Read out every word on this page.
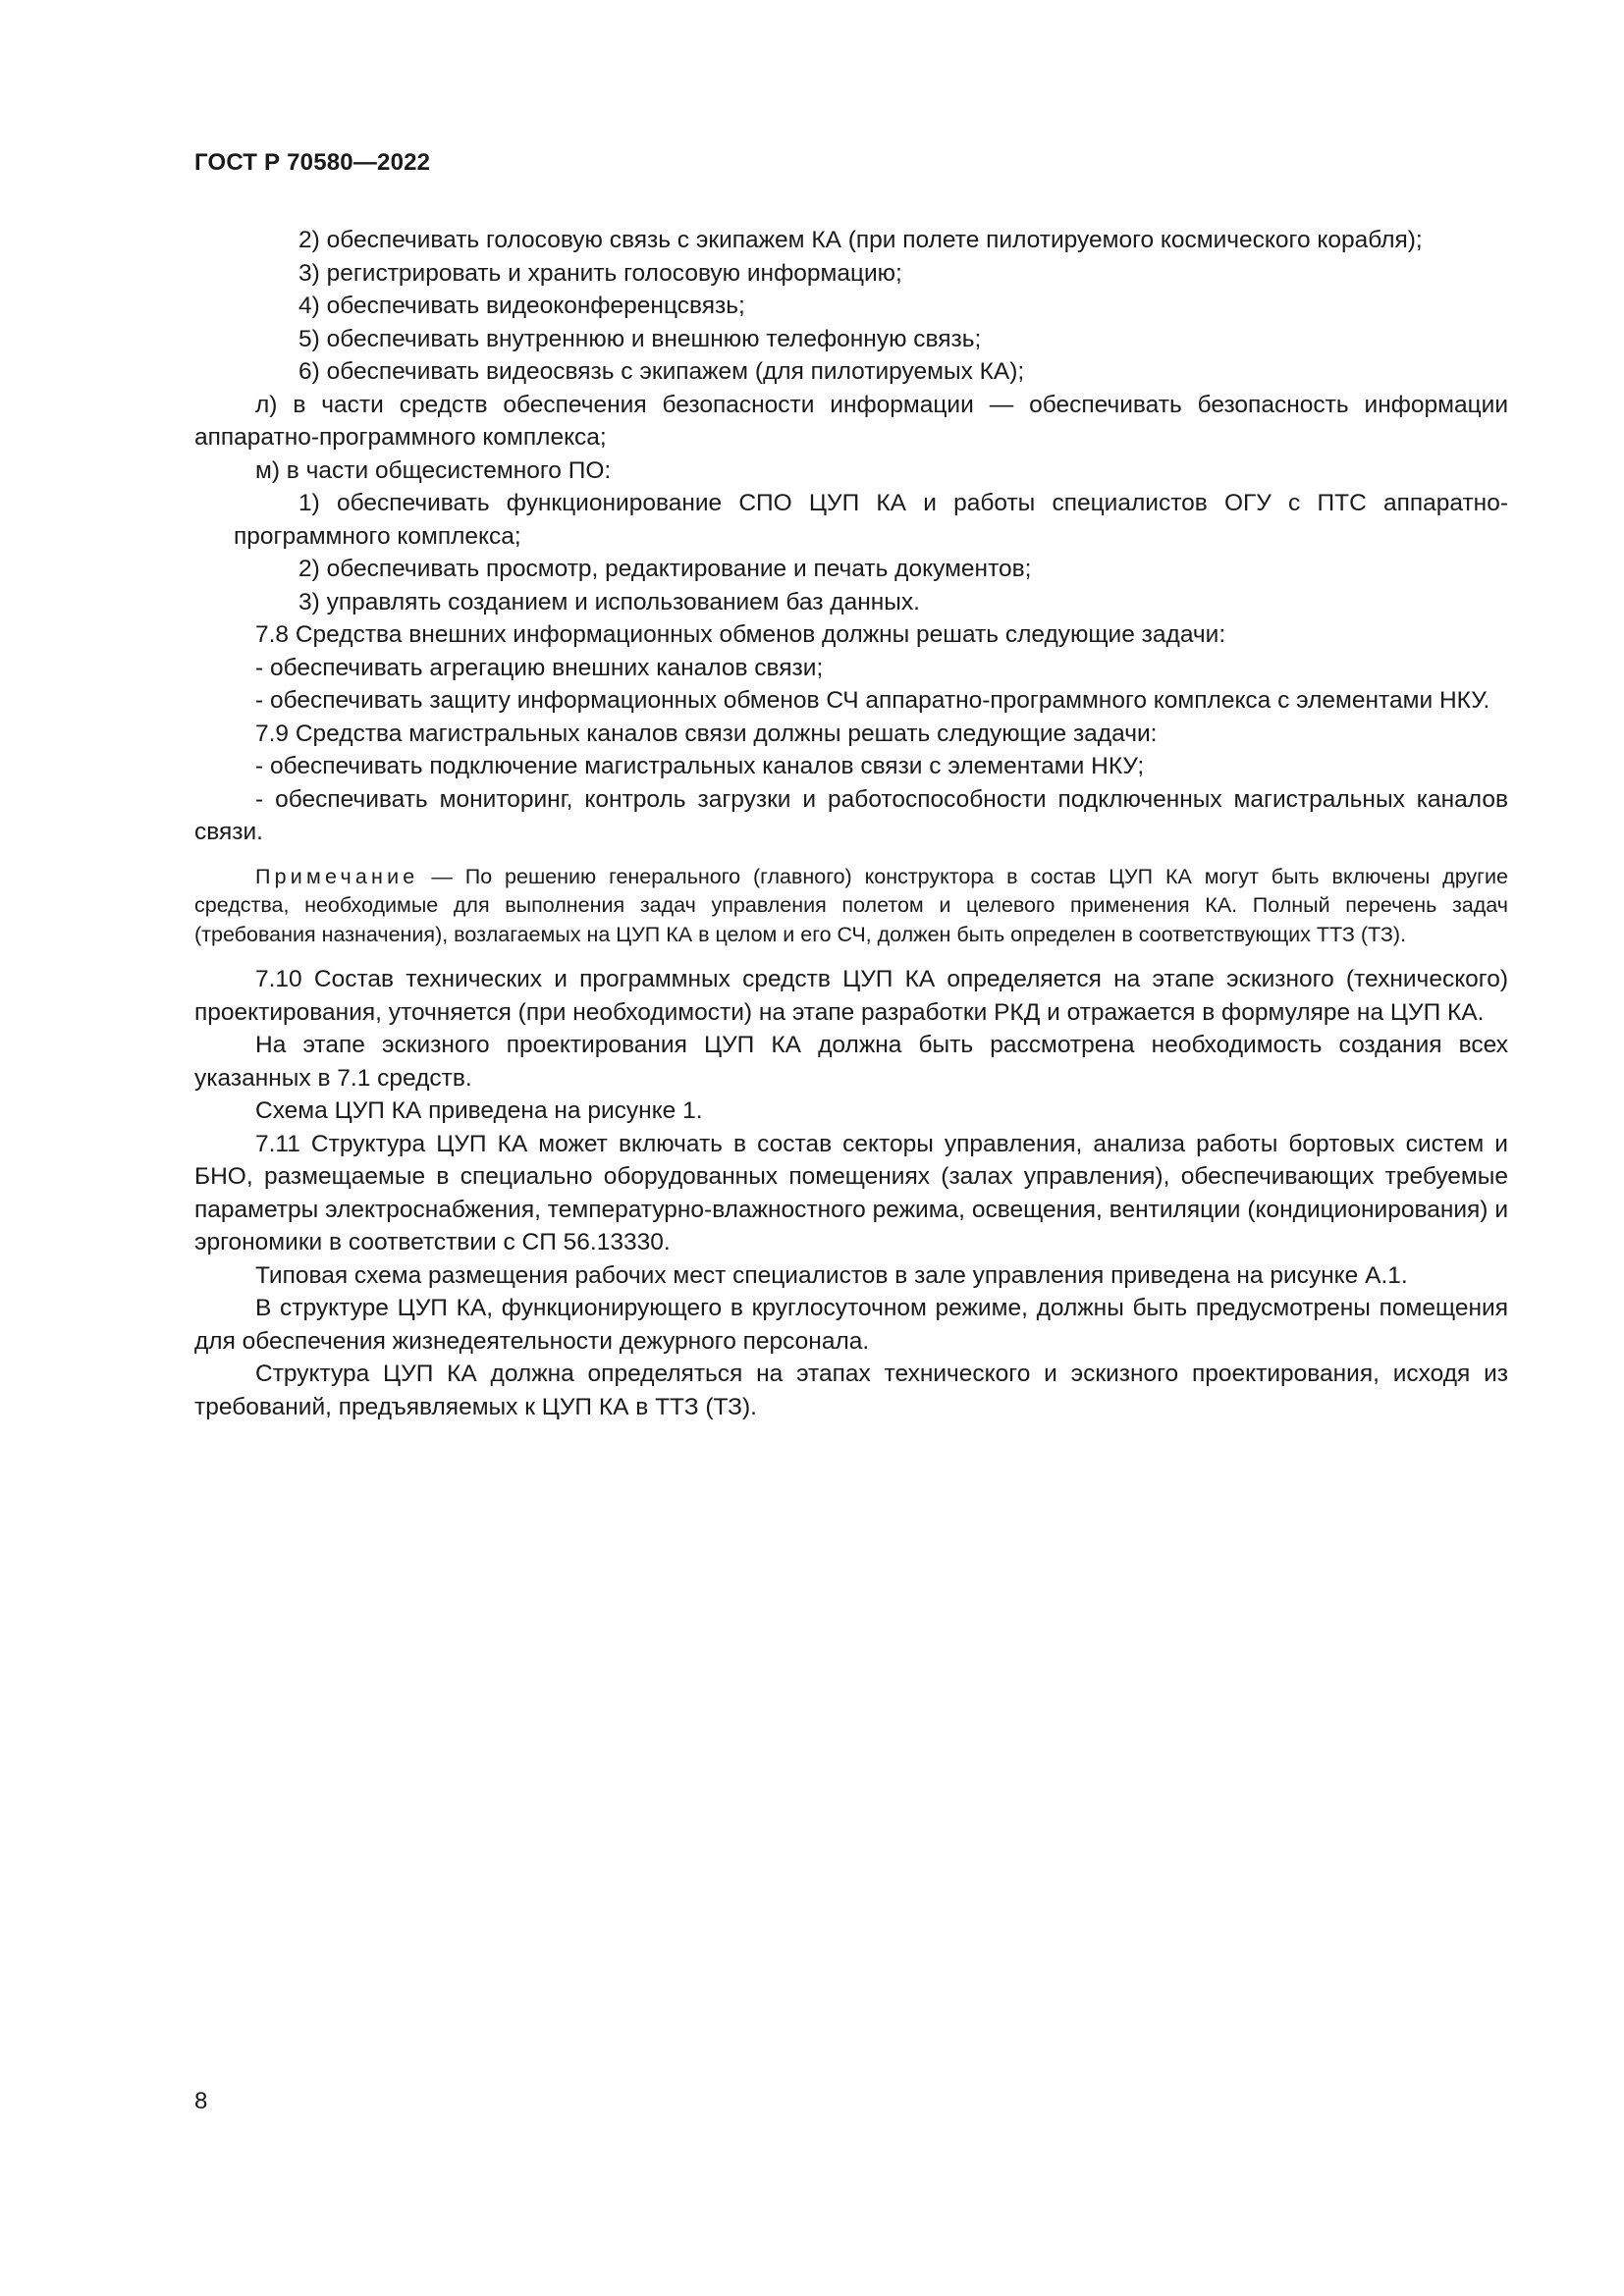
ГОСТ Р 70580—2022

2) обеспечивать голосовую связь с экипажем КА (при полете пилотируемого космического корабля);

3) регистрировать и хранить голосовую информацию;

4) обеспечивать видеоконференцсвязь;

5) обеспечивать внутреннюю и внешнюю телефонную связь;

6) обеспечивать видеосвязь с экипажем (для пилотируемых КА);

л) в части средств обеспечения безопасности информации — обеспечивать безопасность информации аппаратно-программного комплекса;

м) в части общесистемного ПО:

1) обеспечивать функционирование СПО ЦУП КА и работы специалистов ОГУ с ПТС аппаратно-программного комплекса;

2) обеспечивать просмотр, редактирование и печать документов;

3) управлять созданием и использованием баз данных.

7.8 Средства внешних информационных обменов должны решать следующие задачи:

- обеспечивать агрегацию внешних каналов связи;

- обеспечивать защиту информационных обменов СЧ аппаратно-программного комплекса с элементами НКУ.

7.9 Средства магистральных каналов связи должны решать следующие задачи:

- обеспечивать подключение магистральных каналов связи с элементами НКУ;

- обеспечивать мониторинг, контроль загрузки и работоспособности подключенных магистральных каналов связи.

Примечание — По решению генерального (главного) конструктора в состав ЦУП КА могут быть включены другие средства, необходимые для выполнения задач управления полетом и целевого применения КА. Полный перечень задач (требования назначения), возлагаемых на ЦУП КА в целом и его СЧ, должен быть определен в соответствующих ТТЗ (ТЗ).

7.10 Состав технических и программных средств ЦУП КА определяется на этапе эскизного (технического) проектирования, уточняется (при необходимости) на этапе разработки РКД и отражается в формуляре на ЦУП КА.

На этапе эскизного проектирования ЦУП КА должна быть рассмотрена необходимость создания всех указанных в 7.1 средств.

Схема ЦУП КА приведена на рисунке 1.

7.11 Структура ЦУП КА может включать в состав секторы управления, анализа работы бортовых систем и БНО, размещаемые в специально оборудованных помещениях (залах управления), обеспечивающих требуемые параметры электроснабжения, температурно-влажностного режима, освещения, вентиляции (кондиционирования) и эргономики в соответствии с СП 56.13330.

Типовая схема размещения рабочих мест специалистов в зале управления приведена на рисунке А.1.

В структуре ЦУП КА, функционирующего в круглосуточном режиме, должны быть предусмотрены помещения для обеспечения жизнедеятельности дежурного персонала.

Структура ЦУП КА должна определяться на этапах технического и эскизного проектирования, исходя из требований, предъявляемых к ЦУП КА в ТТЗ (ТЗ).

8
